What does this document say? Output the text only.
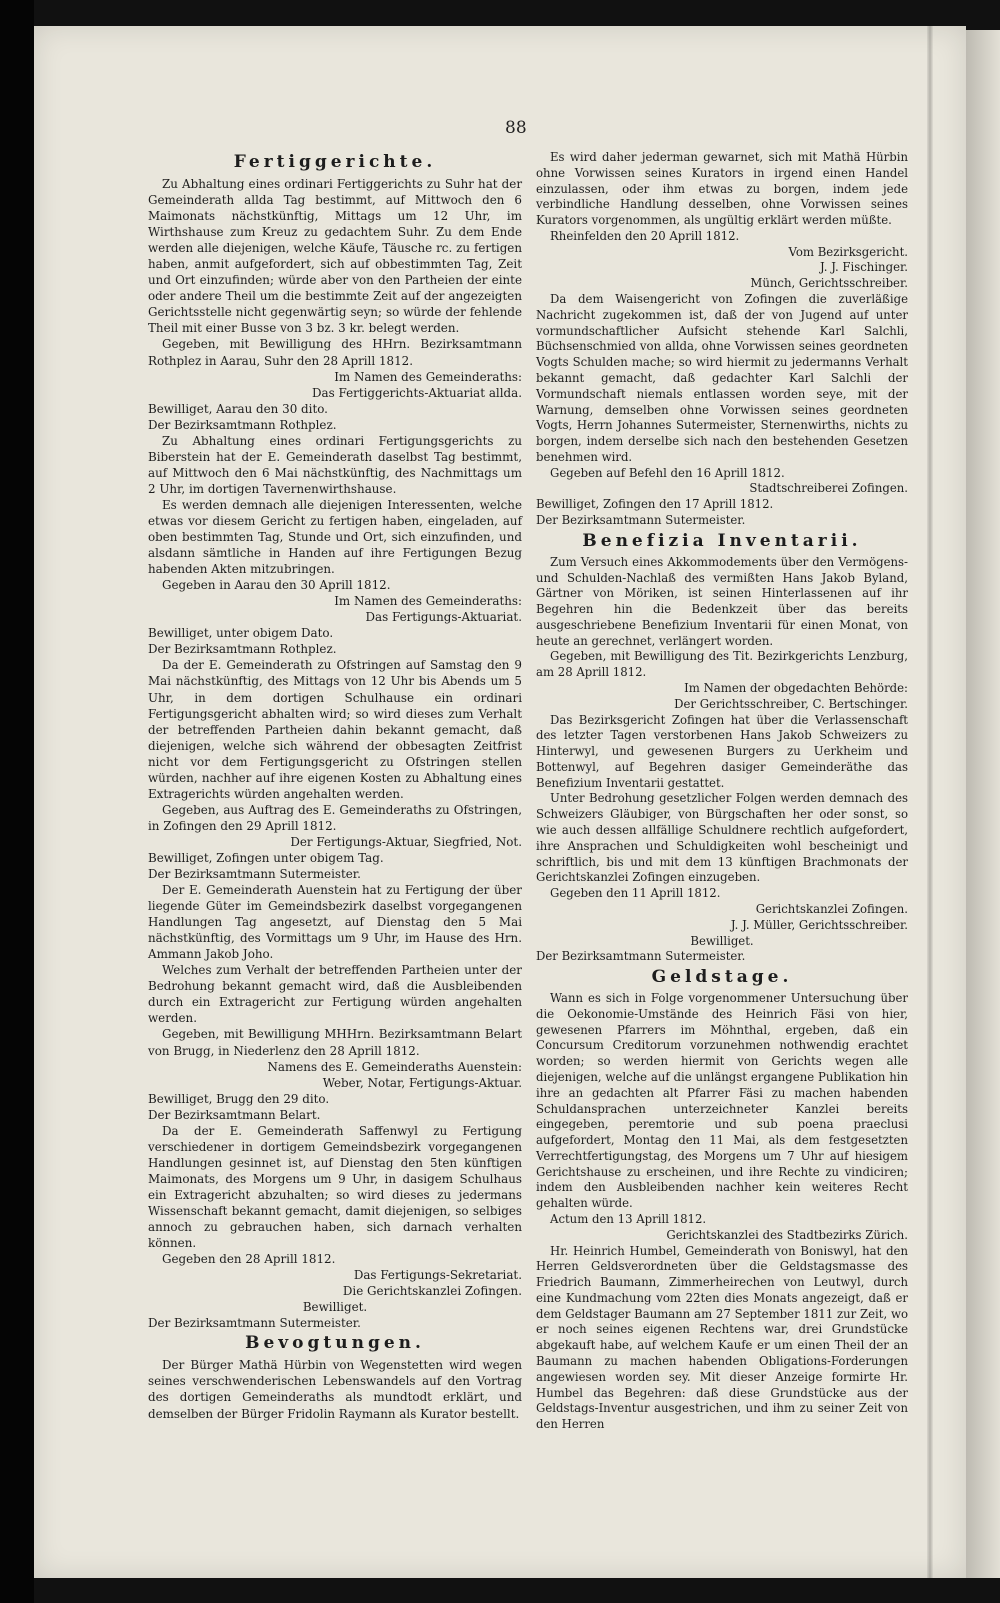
88
Fertiggerichte.

Zu Abhaltung eines ordinari Fertiggerichts zu Suhr hat der Gemeinderath allda Tag bestimmt, auf Mittwoch den 6 Maimonats nächstkünftig, Mittags um 12 Uhr, im Wirthshause zum Kreuz zu gedachtem Suhr. Zu dem Ende werden alle diejenigen, welche Käufe, Täusche rc. zu fertigen haben, anmit aufgefordert, sich auf obbestimmten Tag, Zeit und Ort einzufinden; würde aber von den Partheien der einte oder andere Theil um die bestimmte Zeit auf der angezeigten Gerichtsstelle nicht gegenwärtig seyn; so würde der fehlende Theil mit einer Busse von 3 bz. 3 kr. belegt werden.

Gegeben, mit Bewilligung des HHrn. Bezirksamtmann Rothplez in Aarau, Suhr den 28 Aprill 1812.

Im Namen des Gemeinderaths:

Das Fertiggerichts-Aktuariat allda.

Bewilliget, Aarau den 30 dito.

Der Bezirksamtmann Rothplez.

Zu Abhaltung eines ordinari Fertigungsgerichts zu Biberstein hat der E. Gemeinderath daselbst Tag bestimmt, auf Mittwoch den 6 Mai nächstkünftig, des Nachmittags um 2 Uhr, im dortigen Tavernenwirthshause.

Es werden demnach alle diejenigen Interessenten, welche etwas vor diesem Gericht zu fertigen haben, eingeladen, auf oben bestimmten Tag, Stunde und Ort, sich einzufinden, und alsdann sämtliche in Handen auf ihre Fertigungen Bezug habenden Akten mitzubringen.

Gegeben in Aarau den 30 Aprill 1812.

Im Namen des Gemeinderaths:

Das Fertigungs-Aktuariat.

Bewilliget, unter obigem Dato.

Der Bezirksamtmann Rothplez.

Da der E. Gemeinderath zu Ofstringen auf Samstag den 9 Mai nächstkünftig, des Mittags von 12 Uhr bis Abends um 5 Uhr, in dem dortigen Schulhause ein ordinari Fertigungsgericht abhalten wird; so wird dieses zum Verhalt der betreffenden Partheien dahin bekannt gemacht, daß diejenigen, welche sich während der obbesagten Zeitfrist nicht vor dem Fertigungsgericht zu Ofstringen stellen würden, nachher auf ihre eigenen Kosten zu Abhaltung eines Extragerichts würden angehalten werden.

Gegeben, aus Auftrag des E. Gemeinderaths zu Ofstringen, in Zofingen den 29 Aprill 1812.

Der Fertigungs-Aktuar, Siegfried, Not.

Bewilliget, Zofingen unter obigem Tag.

Der Bezirksamtmann Sutermeister.

Der E. Gemeinderath Auenstein hat zu Fertigung der über liegende Güter im Gemeindsbezirk daselbst vorgegangenen Handlungen Tag angesetzt, auf Dienstag den 5 Mai nächstkünftig, des Vormittags um 9 Uhr, im Hause des Hrn. Ammann Jakob Joho.

Welches zum Verhalt der betreffenden Partheien unter der Bedrohung bekannt gemacht wird, daß die Ausbleibenden durch ein Extragericht zur Fertigung würden angehalten werden.

Gegeben, mit Bewilligung MHHrn. Bezirksamtmann Belart von Brugg, in Niederlenz den 28 Aprill 1812.

Namens des E. Gemeinderaths Auenstein:

Weber, Notar, Fertigungs-Aktuar.

Bewilliget, Brugg den 29 dito.

Der Bezirksamtmann Belart.

Da der E. Gemeinderath Saffenwyl zu Fertigung verschiedener in dortigem Gemeindsbezirk vorgegangenen Handlungen gesinnet ist, auf Dienstag den 5ten künftigen Maimonats, des Morgens um 9 Uhr, in dasigem Schulhaus ein Extragericht abzuhalten; so wird dieses zu jedermans Wissenschaft bekannt gemacht, damit diejenigen, so selbiges annoch zu gebrauchen haben, sich darnach verhalten können.

Gegeben den 28 Aprill 1812.

Das Fertigungs-Sekretariat.

Die Gerichtskanzlei Zofingen.

Bewilliget.

Der Bezirksamtmann Sutermeister.

Bevogtungen.

Der Bürger Mathä Hürbin von Wegenstetten wird wegen seines verschwenderischen Lebenswandels auf den Vortrag des dortigen Gemeinderaths als mundtodt erklärt, und demselben der Bürger Fridolin Raymann als Kurator bestellt.

Es wird daher jederman gewarnet, sich mit Mathä Hürbin ohne Vorwissen seines Kurators in irgend einen Handel einzulassen, oder ihm etwas zu borgen, indem jede verbindliche Handlung desselben, ohne Vorwissen seines Kurators vorgenommen, als ungültig erklärt werden müßte.

Rheinfelden den 20 Aprill 1812.

Vom Bezirksgericht.

J. J. Fischinger.

Münch, Gerichtsschreiber.

Da dem Waisengericht von Zofingen die zuverläßige Nachricht zugekommen ist, daß der von Jugend auf unter vormundschaftlicher Aufsicht stehende Karl Salchli, Büchsenschmied von allda, ohne Vorwissen seines geordneten Vogts Schulden mache; so wird hiermit zu jedermanns Verhalt bekannt gemacht, daß gedachter Karl Salchli der Vormundschaft niemals entlassen worden seye, mit der Warnung, demselben ohne Vorwissen seines geordneten Vogts, Herrn Johannes Sutermeister, Sternenwirths, nichts zu borgen, indem derselbe sich nach den bestehenden Gesetzen benehmen wird.

Gegeben auf Befehl den 16 Aprill 1812.

Stadtschreiberei Zofingen.

Bewilliget, Zofingen den 17 Aprill 1812.

Der Bezirksamtmann Sutermeister.

Benefizia Inventarii.

Zum Versuch eines Akkommodements über den Vermögens- und Schulden-Nachlaß des vermißten Hans Jakob Byland, Gärtner von Möriken, ist seinen Hinterlassenen auf ihr Begehren hin die Bedenkzeit über das bereits ausgeschriebene Benefizium Inventarii für einen Monat, von heute an gerechnet, verlängert worden.

Gegeben, mit Bewilligung des Tit. Bezirkgerichts Lenzburg, am 28 Aprill 1812.

Im Namen der obgedachten Behörde:

Der Gerichtsschreiber, C. Bertschinger.

Das Bezirksgericht Zofingen hat über die Verlassenschaft des letzter Tagen verstorbenen Hans Jakob Schweizers zu Hinterwyl, und gewesenen Burgers zu Uerkheim und Bottenwyl, auf Begehren dasiger Gemeinderäthe das Benefizium Inventarii gestattet.

Unter Bedrohung gesetzlicher Folgen werden demnach des Schweizers Gläubiger, von Bürgschaften her oder sonst, so wie auch dessen allfällige Schuldnere rechtlich aufgefordert, ihre Ansprachen und Schuldigkeiten wohl bescheinigt und schriftlich, bis und mit dem 13 künftigen Brachmonats der Gerichtskanzlei Zofingen einzugeben.

Gegeben den 11 Aprill 1812.

Gerichtskanzlei Zofingen.

J. J. Müller, Gerichtsschreiber.

Bewilliget.

Der Bezirksamtmann Sutermeister.

Geldstage.

Wann es sich in Folge vorgenommener Untersuchung über die Oekonomie-Umstände des Heinrich Fäsi von hier, gewesenen Pfarrers im Möhnthal, ergeben, daß ein Concursum Creditorum vorzunehmen nothwendig erachtet worden; so werden hiermit von Gerichts wegen alle diejenigen, welche auf die unlängst ergangene Publikation hin ihre an gedachten alt Pfarrer Fäsi zu machen habenden Schuldansprachen unterzeichneter Kanzlei bereits eingegeben, peremtorie und sub poena praeclusi aufgefordert, Montag den 11 Mai, als dem festgesetzten Verrechtfertigungstag, des Morgens um 7 Uhr auf hiesigem Gerichtshause zu erscheinen, und ihre Rechte zu vindiciren; indem den Ausbleibenden nachher kein weiteres Recht gehalten würde.

Actum den 13 Aprill 1812.

Gerichtskanzlei des Stadtbezirks Zürich.

Hr. Heinrich Humbel, Gemeinderath von Boniswyl, hat den Herren Geldsverordneten über die Geldstagsmasse des Friedrich Baumann, Zimmerheirechen von Leutwyl, durch eine Kundmachung vom 22ten dies Monats angezeigt, daß er dem Geldstager Baumann am 27 September 1811 zur Zeit, wo er noch seines eigenen Rechtens war, drei Grundstücke abgekauft habe, auf welchem Kaufe er um einen Theil der an Baumann zu machen habenden Obligations-Forderungen angewiesen worden sey. Mit dieser Anzeige formirte Hr. Humbel das Begehren: daß diese Grundstücke aus der Geldstags-Inventur ausgestrichen, und ihm zu seiner Zeit von den Herren
